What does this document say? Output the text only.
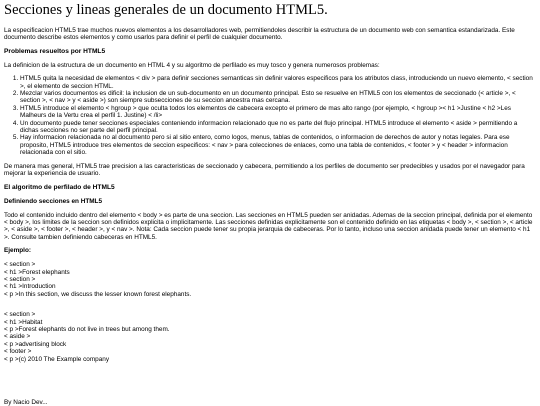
Secciones y lineas generales de un documento HTML5.

La especificacion HTML5 trae muchos nuevos elementos a los desarrolladores web, permitiendoles describir la estructura de un documento web con semantica estandarizada. Este documento describe estos elementos y como usarlos para definir el perfil de cualquier documento.

Problemas resueltos por HTML5

La definicion de la estructura de un documento en HTML 4 y su algoritmo de perfilado es muy tosco y genera numerosos problemas:

1. HTML5 quita la necesidad de elementos < div > para definir secciones semanticas sin definir valores especificos para los atributos class, introduciendo un nuevo elemento, < section >, el elemento de seccion HTML.
2. Mezclar varios documentos es dificil: la inclusion de un sub-documento en un documento principal. Esto se resuelve en HTML5 con los elementos de seccionado (< article >, < section >, < nav > y < aside >) son siempre subsecciones de su seccion ancestra mas cercana.
3. HTML5 introduce el elemento < hgroup > que oculta todos los elementos de cabecera excepto el primero de mas alto rango (por ejemplo, < hgroup >< h1 >Justine < h2 >Les Malheurs de la Vertu crea el perfil 1. Justine) < /li>
4. Un documento puede tener secciones especiales conteniendo informacion relacionado que no es parte del flujo principal. HTML5 introduce el elemento < aside > permitiendo a dichas secciones no ser parte del perfil principal.
5. Hay informacion relacionada no al documento pero si al sitio entero, como logos, menus, tablas de contenidos, o informacion de derechos de autor y notas legales. Para ese proposito, HTML5 introduce tres elementos de seccion especificos: < nav > para colecciones de enlaces, como una tabla de contenidos, < footer > y < header > informacion relacionada con el sitio.

De manera mas general, HTML5 trae precision a las caracteristicas de seccionado y cabecera, permitiendo a los perfiles de documento ser predecibles y usados por el navegador para mejorar la experiencia de usuario.

El algoritmo de perfilado de HTML5
Definiendo secciones en HTML5

Todo el contenido incluido dentro del elemento < body > es parte de una seccion. Las secciones en HTML5 pueden ser anidadas. Ademas de la seccion principal, definida por el elemento < body >, los limites de la seccion son definidos explicita o implicitamente. Las secciones definidas explicitamente son el contenido definido en las etiquetas < body >, < section >, < article >, < aside >, < footer >, < header >, y < nav >. Nota: Cada seccion puede tener su propia jerarquia de cabeceras. Por lo tanto, incluso una seccion anidada puede tener un elemento < h1 >. Consulte tambien definiendo cabeceras en HTML5.

Ejemplo:
< section >
< h1 >Forest elephants
< section >
< h1 >Introduction
< p >In this section, we discuss the lesser known forest elephants.
< section >
< h1 >Habitat
< p >Forest elephants do not live in trees but among them.
< aside >
< p >advertising block
< footer >
< p >(c) 2010 The Example company
By Nacio Dev...
